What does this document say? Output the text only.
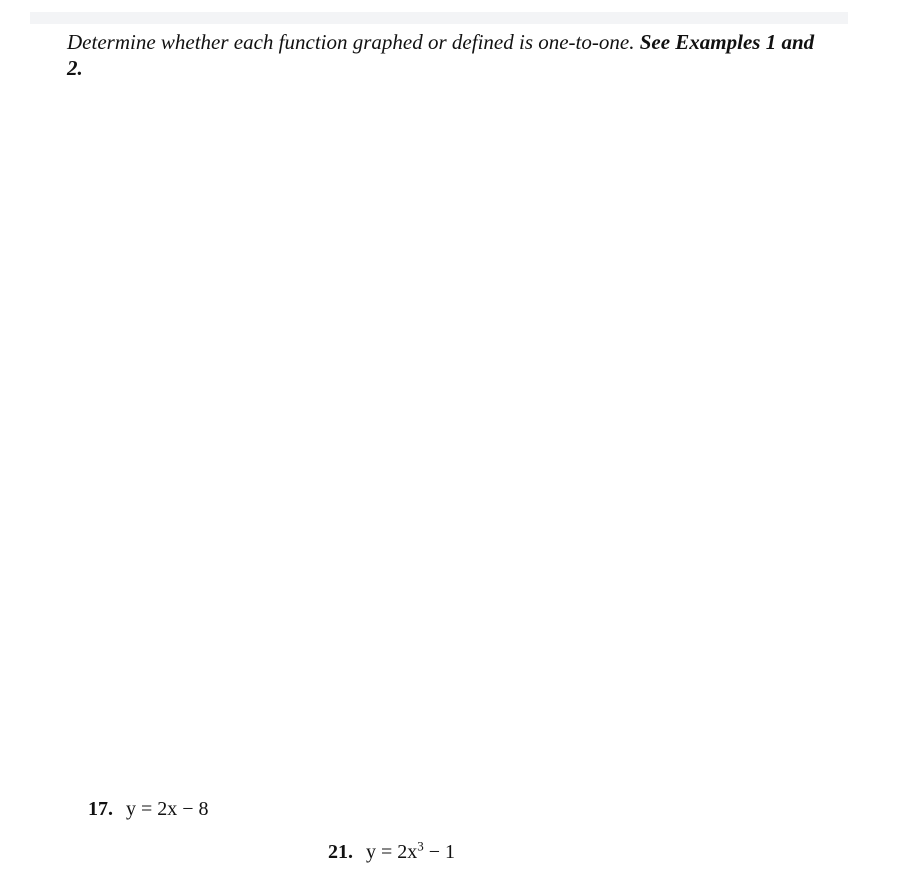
Determine whether each function graphed or defined is one-to-one. See Examples 1 and 2.
17. y = 2x − 8
21. $y = 2x^3 - 1$
